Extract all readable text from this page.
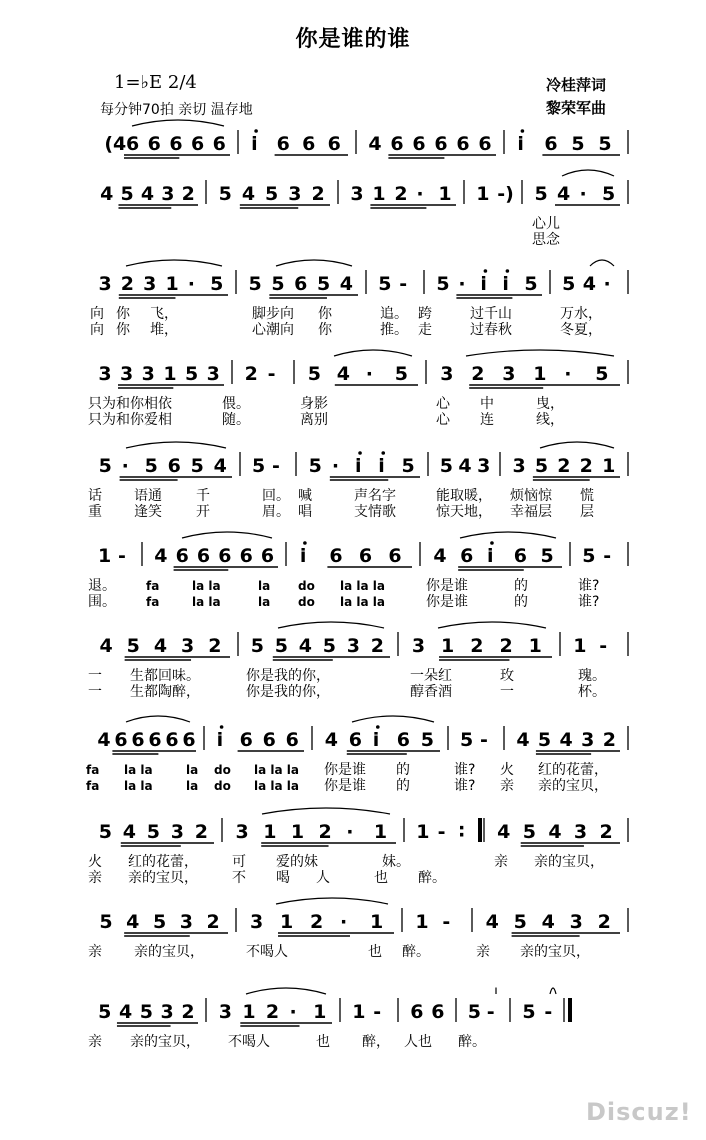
你是谁的谁
1=♭E 2/4
每分钟70拍 亲切 温存地
冷桂萍词
黎荣军曲
(4 6 6 6 6 6 i 6 6 6 4 6 6 6 6 6 i 6 5 5
4 5 4 3 2 5 4 5 3 2 3 1 2 · 1 1 -) 5 4 · 5
心儿
思念
3 2 3 1 · 5 5 5 6 5 4 5 - 5 · i i 5 5 4 ·
向 你 飞，	脚步向 你	追。 跨	过千山	万水，
向 你 堆，	心潮向 你	推。 走	过春秋	冬夏，
3 3 3 1 5 3 2 - 5 4 · 5 3 2 3 1 · 5
只为和你相依	偎。	身影	心 中	曳，
只为和你爱相	随。	离别	心 连	线，
5 · 5 6 5 4 5 - 5 · i i 5 5 4 3 3 5 2 2 1
话 语通 千	回。 喊	声名字	能取暖， 烦恼惊 慌
重 逢笑 开	眉。 唱	支情歌	惊天地， 幸福层 层
1 - 4 6 6 6 6 6 i 6 6 6 4 6 i 6 5 5 -
退。	fa	la la	la do la la la	你是谁	的	谁?
围。	fa	la la	la do la la la	你是谁	的	谁?
4 5 4 3 2 5 5 4 5 3 2 3 1 2 2 1 1 -
一 生都回味。	你是我的你，	一朵红	玫	瑰。
一 生都陶醉，	你是我的你，	醇香酒	一	杯。
4 6 6 6 6 6 i 6 6 6 4 6 i 6 5 5 - 4 5 4 3 2
fa la la	la do la la la 你是谁 的	谁? 火 红的花蕾，
fa la la	la do la la la 你是谁 的	谁? 亲 亲的宝贝，
5 4 5 3 2 3 1 1 2 · 1 1 - ∶ 4 5 4 3 2
火 红的花蕾， 可 爱的妹	妹。	亲 亲的宝贝，
亲 亲的宝贝， 不 喝 人	也 醉。
5 4 5 3 2 3 1 2 · 1 1 - 4 5 4 3 2
亲 亲的宝贝，	不喝人	也 醉。	亲 亲的宝贝，
5 4 5 3 2 3 1 2 · 1 1 - 6 6 5 - 5 -
亲 亲的宝贝， 不喝人	也 醉， 人也 醉。
Discuz!
